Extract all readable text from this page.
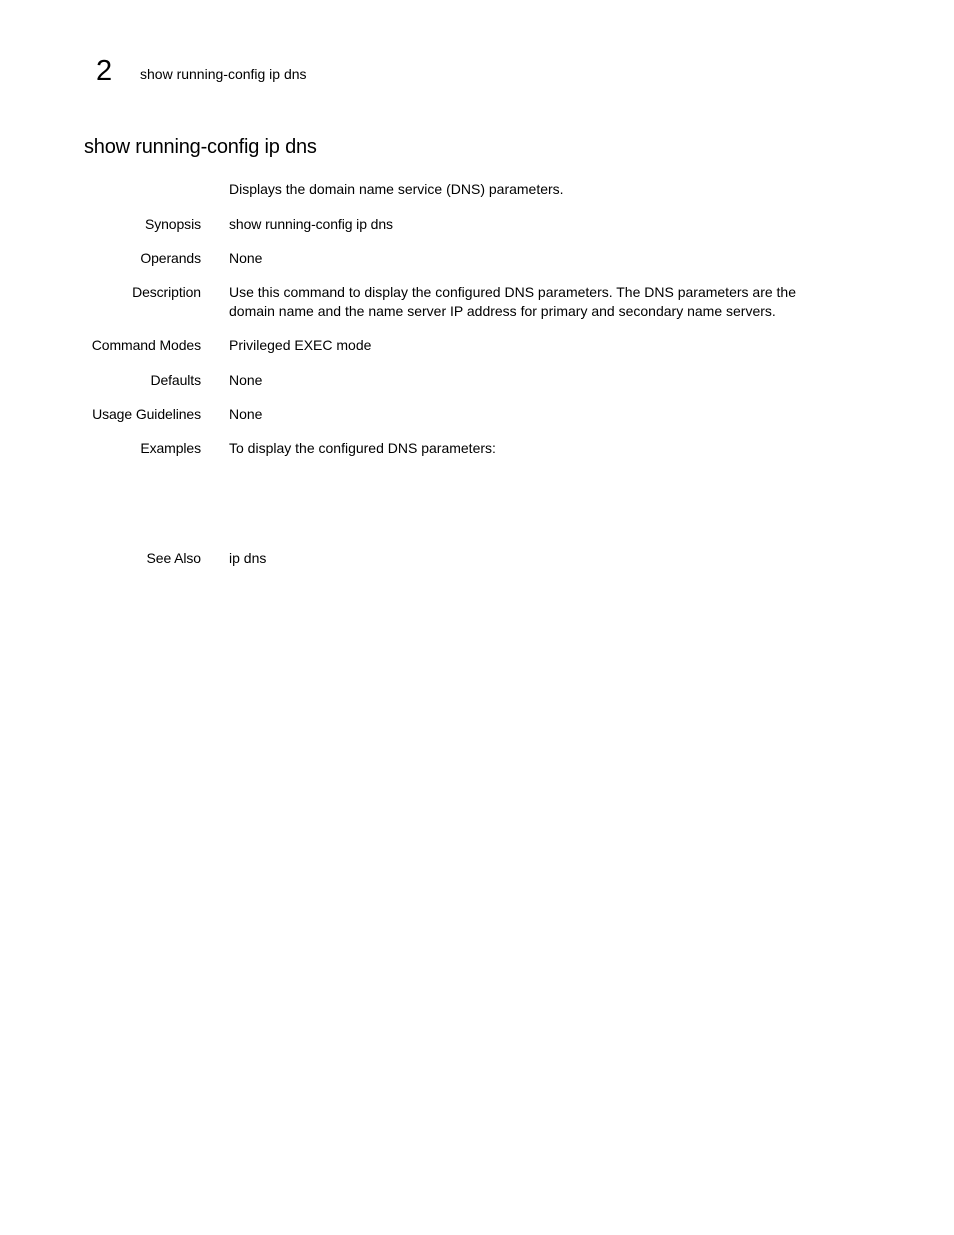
2 show running-config ip dns
show running-config ip dns
Displays the domain name service (DNS) parameters.
Synopsis show running-config ip dns
Operands None
Description Use this command to display the configured DNS parameters. The DNS parameters are the domain name and the name server IP address for primary and secondary name servers.
Command Modes Privileged EXEC mode
Defaults None
Usage Guidelines None
Examples To display the configured DNS parameters:
See Also ip dns
